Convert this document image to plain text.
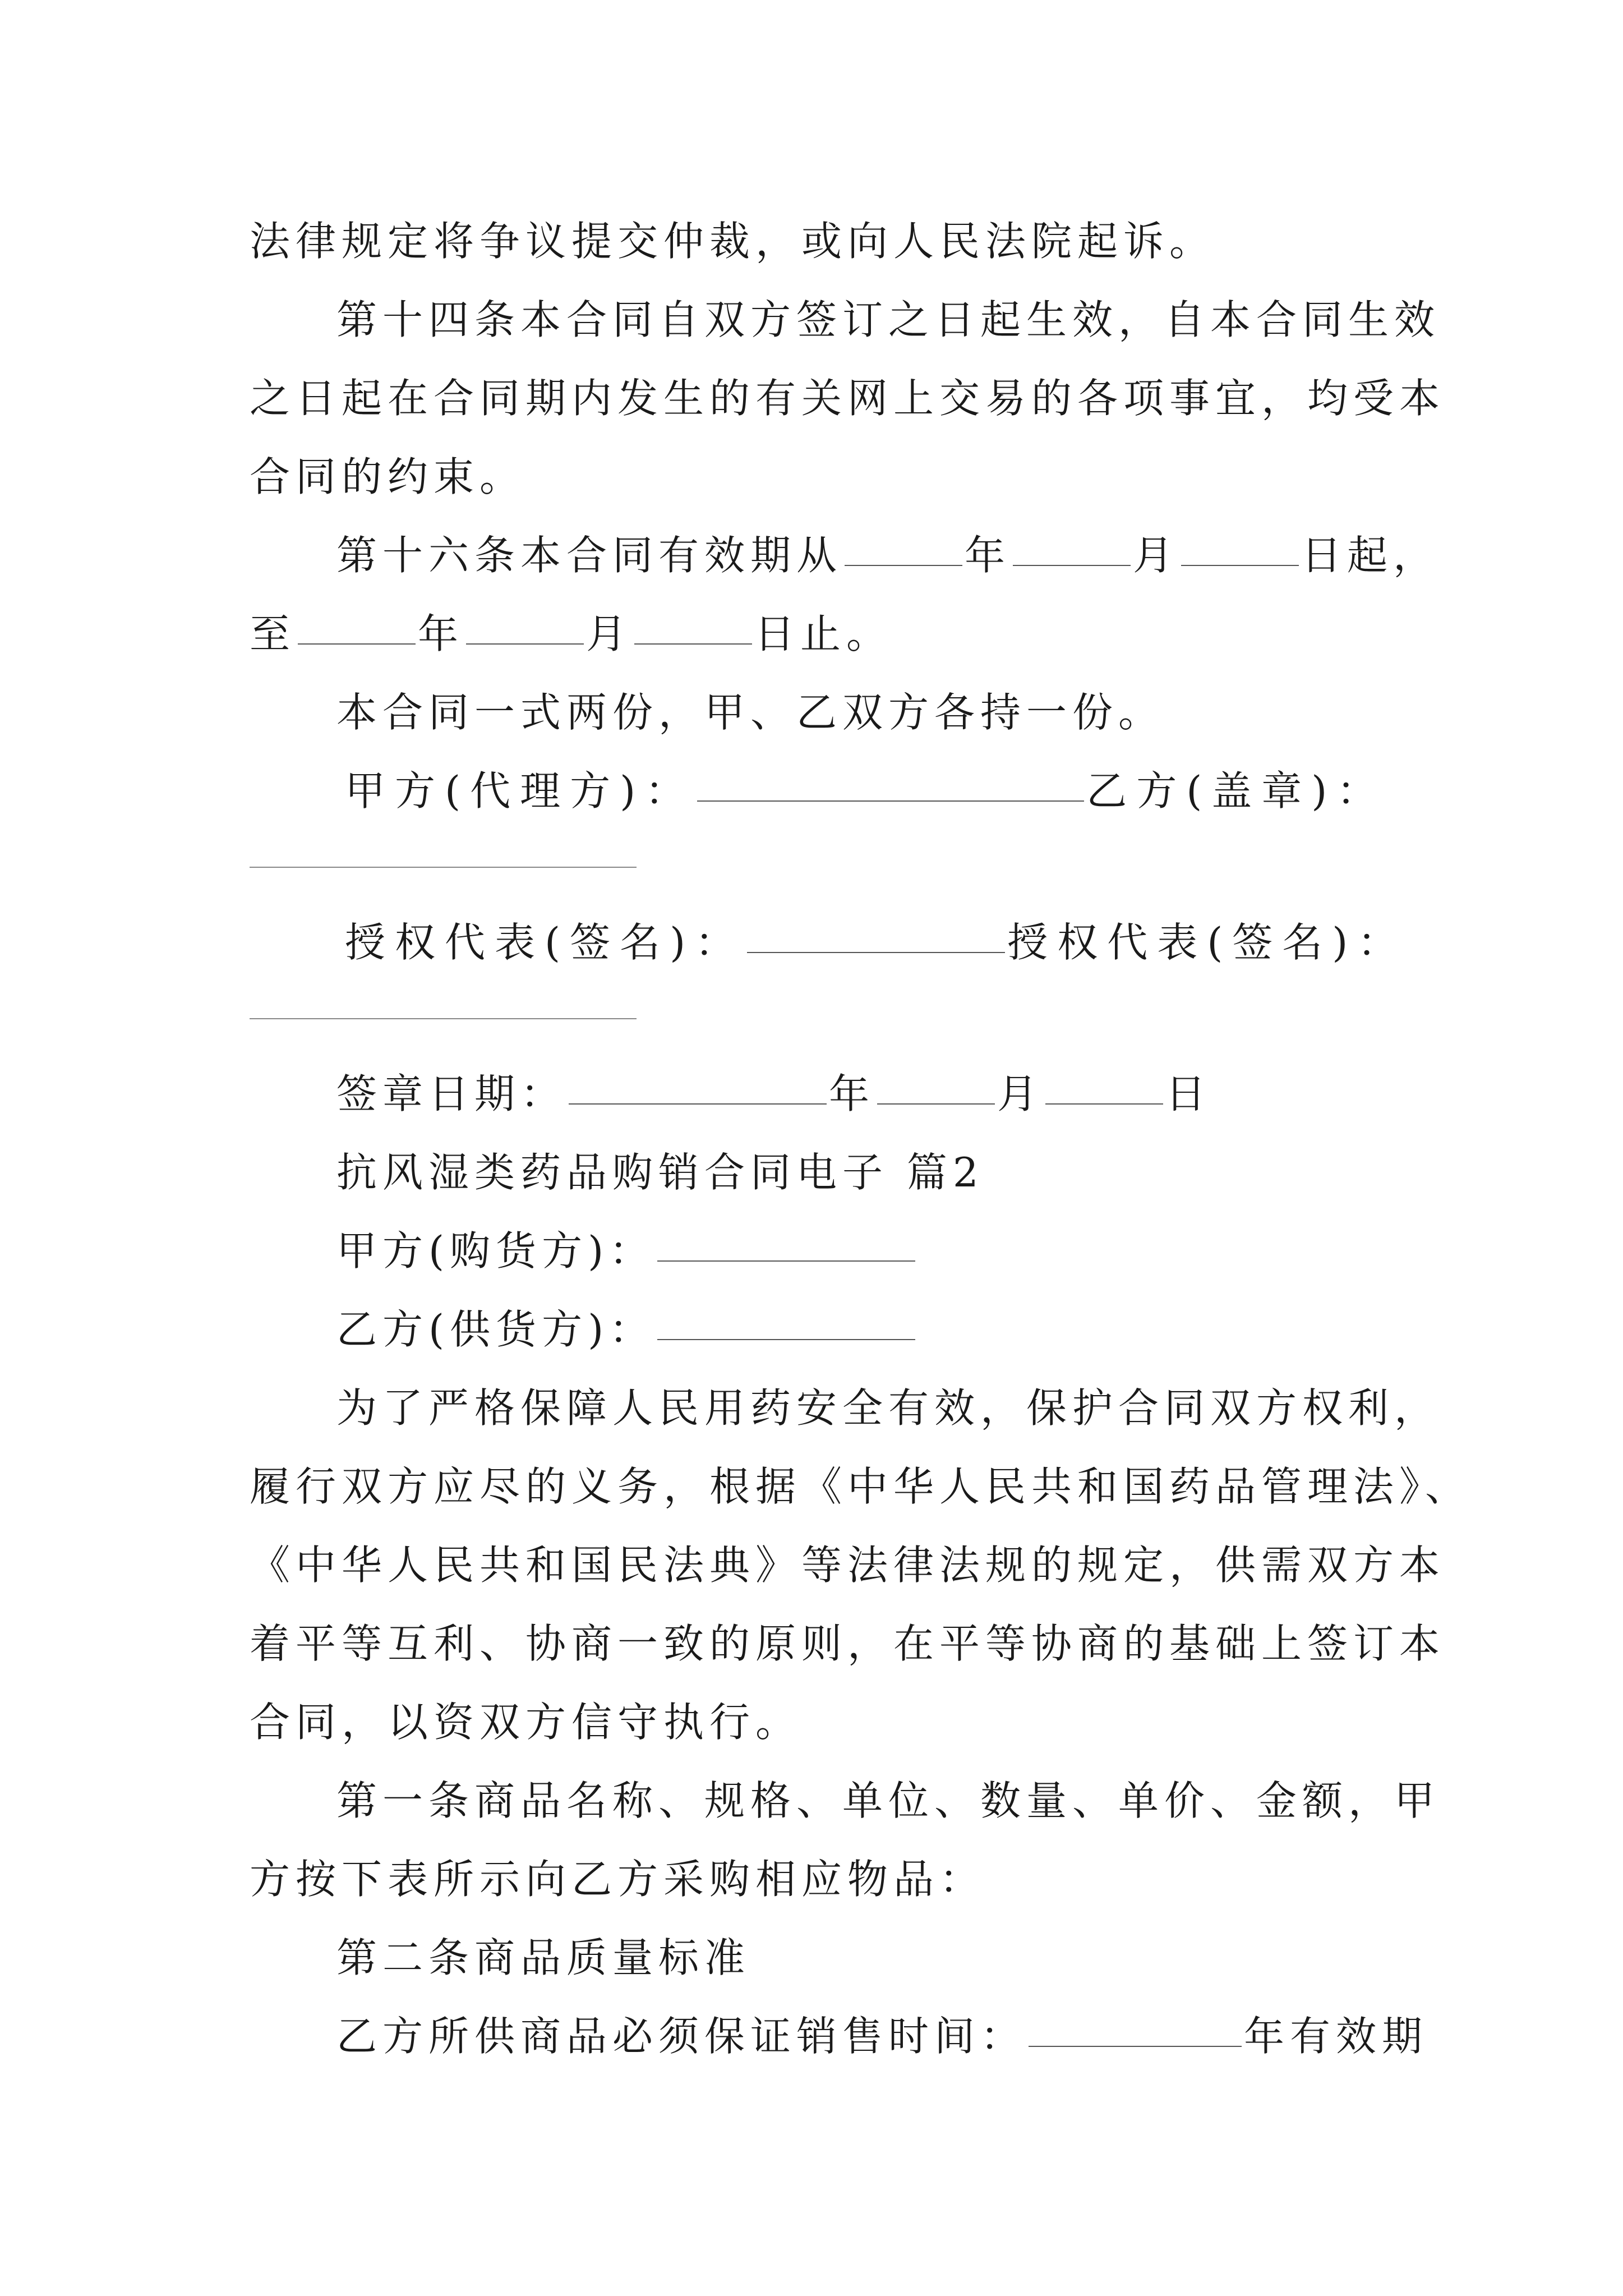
法律规定将争议提交仲裁，或向人民法院起诉。
第十四条本合同自双方签订之日起生效，自本合同生效
之日起在合同期内发生的有关网上交易的各项事宜，均受本
合同的约束。
第十六条本合同有效期从	年	月	日起，
至	年	月	日止。
本合同一式两份，甲、乙双方各持一份。
甲方(代理方)：	乙方(盖章)：
授权代表(签名)：	授权代表(签名)：
签章日期：	年	月	日
抗风湿类药品购销合同电子 篇2
甲方(购货方)：
乙方(供货方)：
为了严格保障人民用药安全有效，保护合同双方权利，
履行双方应尽的义务，根据《中华人民共和国药品管理法》、
《中华人民共和国民法典》等法律法规的规定，供需双方本
着平等互利、协商一致的原则，在平等协商的基础上签订本
合同，以资双方信守执行。
第一条商品名称、规格、单位、数量、单价、金额，甲
方按下表所示向乙方采购相应物品：
第二条商品质量标准
乙方所供商品必须保证销售时间：	年有效期
